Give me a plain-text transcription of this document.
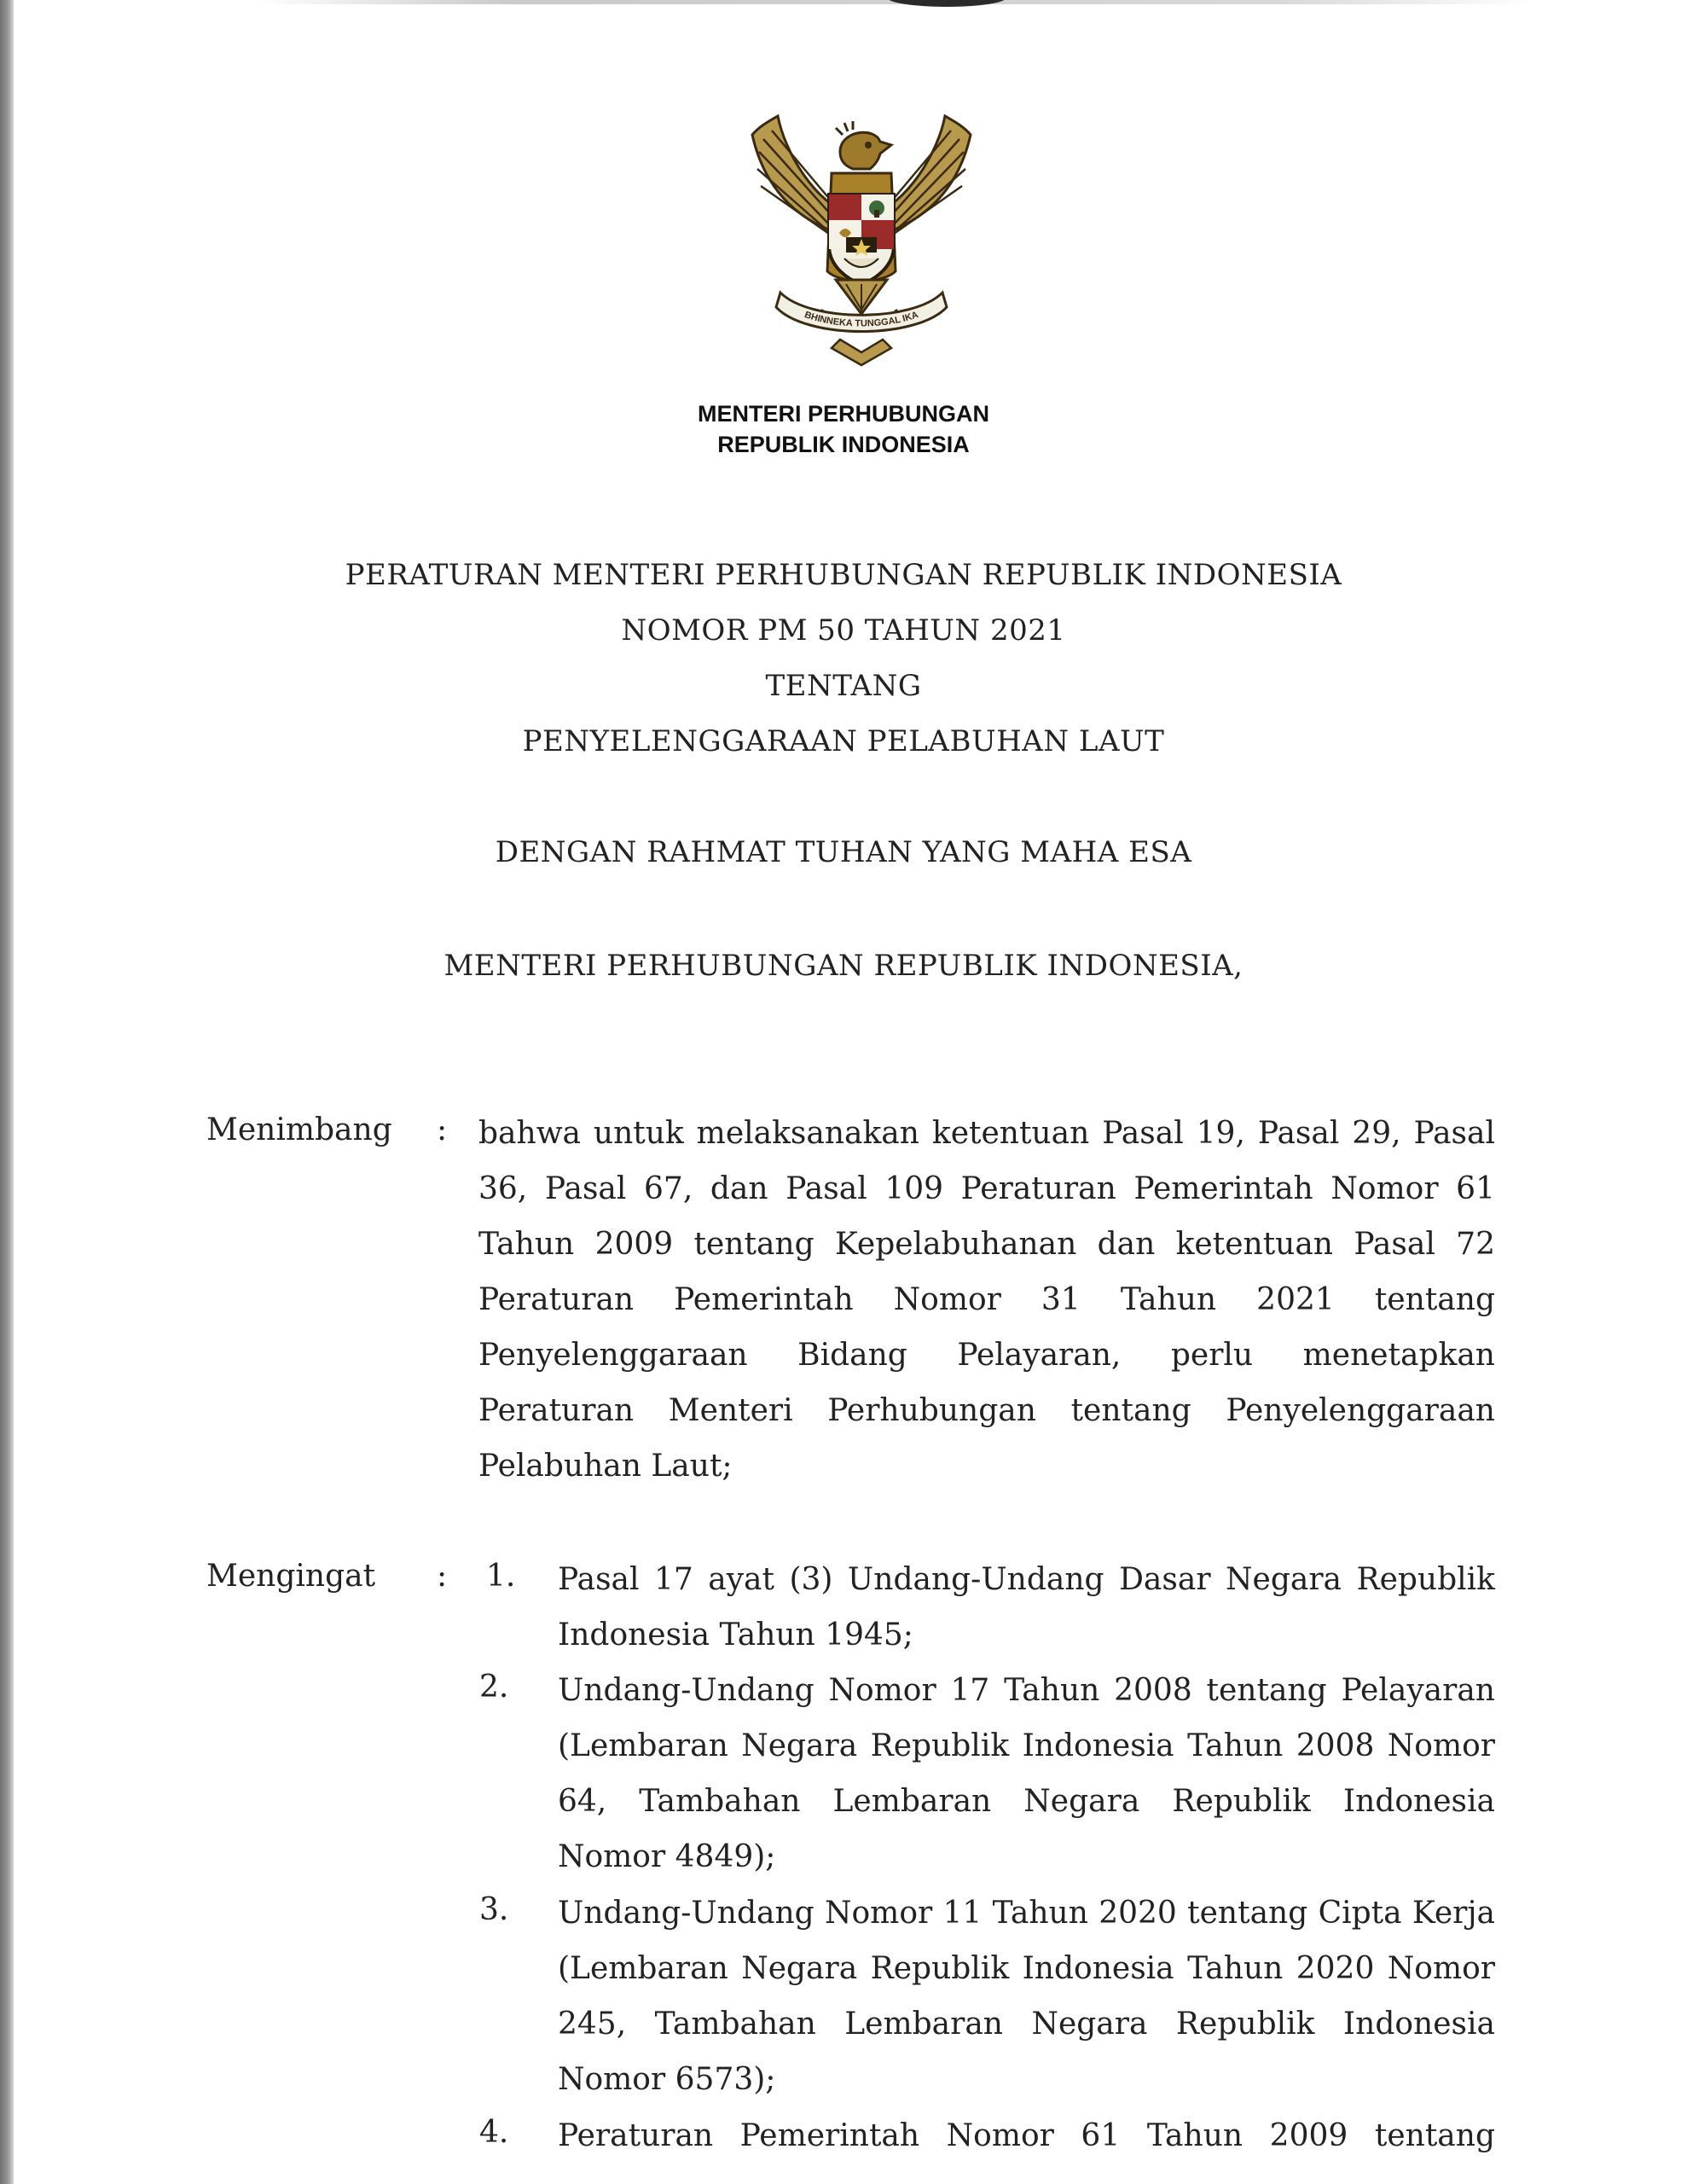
BHINNEKA TUNGGAL IKA
MENTERI PERHUBUNGAN
REPUBLIK INDONESIA
PERATURAN MENTERI PERHUBUNGAN REPUBLIK INDONESIA
NOMOR PM 50 TAHUN 2021
TENTANG
PENYELENGGARAAN PELABUHAN LAUT
DENGAN RAHMAT TUHAN YANG MAHA ESA
MENTERI PERHUBUNGAN REPUBLIK INDONESIA,
Menimbang : bahwa untuk melaksanakan ketentuan Pasal 19, Pasal 29, Pasal 36, Pasal 67, dan Pasal 109 Peraturan Pemerintah Nomor 61 Tahun 2009 tentang Kepelabuhanan dan ketentuan Pasal 72 Peraturan Pemerintah Nomor 31 Tahun 2021 tentang Penyelenggaraan Bidang Pelayaran, perlu menetapkan Peraturan Menteri Perhubungan tentang Penyelenggaraan Pelabuhan Laut;

Mengingat : 1. Pasal 17 ayat (3) Undang-Undang Dasar Negara Republik Indonesia Tahun 1945;

2. Undang-Undang Nomor 17 Tahun 2008 tentang Pelayaran (Lembaran Negara Republik Indonesia Tahun 2008 Nomor 64, Tambahan Lembaran Negara Republik Indonesia Nomor 4849);

3. Undang-Undang Nomor 11 Tahun 2020 tentang Cipta Kerja (Lembaran Negara Republik Indonesia Tahun 2020 Nomor 245, Tambahan Lembaran Negara Republik Indonesia Nomor 6573);

4. Peraturan Pemerintah Nomor 61 Tahun 2009 tentang
